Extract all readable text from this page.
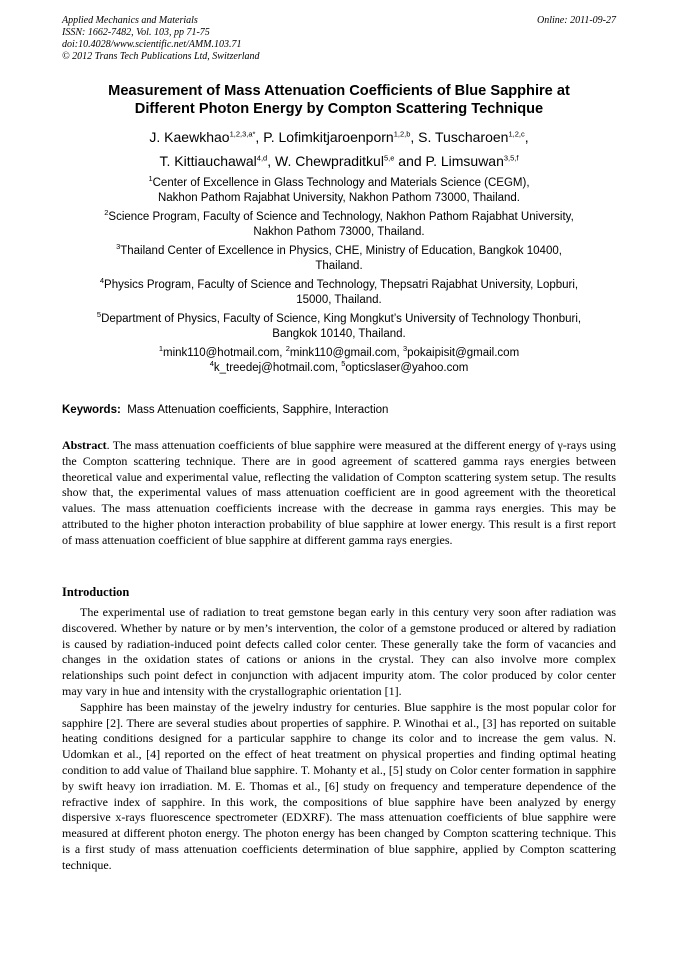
Applied Mechanics and Materials
ISSN: 1662-7482, Vol. 103, pp 71-75
doi:10.4028/www.scientific.net/AMM.103.71
© 2012 Trans Tech Publications Ltd, Switzerland
Online: 2011-09-27
Measurement of Mass Attenuation Coefficients of Blue Sapphire at
Different Photon Energy by Compton Scattering Technique
J. Kaewkhao$^{1,2,3,a*}$, P. Lofimkitjaroenporn$^{1,2,b}$, S. Tuscharoen$^{1,2,c}$,
T. Kittiauchawal$^{4,d}$, W. Chewpraditkul$^{5,e}$ and P. Limsuwan$^{3,5,f}$
$^1$Center of Excellence in Glass Technology and Materials Science (CEGM),
Nakhon Pathom Rajabhat University, Nakhon Pathom 73000, Thailand.
$^2$Science Program, Faculty of Science and Technology, Nakhon Pathom Rajabhat University,
Nakhon Pathom 73000, Thailand.
$^3$Thailand Center of Excellence in Physics, CHE, Ministry of Education, Bangkok 10400,
Thailand.
$^4$Physics Program, Faculty of Science and Technology, Thepsatri Rajabhat University, Lopburi,
15000, Thailand.
$^5$Department of Physics, Faculty of Science, King Mongkut’s University of Technology Thonburi,
Bangkok 10140, Thailand.
$^1$mink110@hotmail.com, $^2$mink110@gmail.com, $^3$pokaipisit@gmail.com
$^4$k_treedej@hotmail.com, $^5$opticslaser@yahoo.com
Keywords: Mass Attenuation coefficients, Sapphire, Interaction
Abstract. The mass attenuation coefficients of blue sapphire were measured at the different energy of γ-rays using the Compton scattering technique. There are in good agreement of scattered gamma rays energies between theoretical value and experimental value, reflecting the validation of Compton scattering system setup. The results show that, the experimental values of mass attenuation coefficient are in good agreement with the theoretical values. The mass attenuation coefficients increase with the decrease in gamma rays energies. This may be attributed to the higher photon interaction probability of blue sapphire at lower energy. This result is a first report of mass attenuation coefficient of blue sapphire at different gamma rays energies.
Introduction

The experimental use of radiation to treat gemstone began early in this century very soon after radiation was discovered. Whether by nature or by men’s intervention, the color of a gemstone produced or altered by radiation is caused by radiation-induced point defects called color center. These generally take the form of vacancies and changes in the oxidation states of cations or anions in the crystal. They can also involve more complex relationships such point defect in conjunction with adjacent impurity atom. The color produced by color center may vary in hue and intensity with the crystallographic orientation [1].

Sapphire has been mainstay of the jewelry industry for centuries. Blue sapphire is the most popular color for sapphire [2]. There are several studies about properties of sapphire. P. Winothai et al., [3] has reported on suitable heating conditions designed for a particular sapphire to change its color and to increase the gem valus. N. Udomkan et al., [4] reported on the effect of heat treatment on physical properties and finding optimal heating condition to add value of Thailand blue sapphire. T. Mohanty et al., [5] study on Color center formation in sapphire by swift heavy ion irradiation. M. E. Thomas et al., [6] study on frequency and temperature dependence of the refractive index of sapphire. In this work, the compositions of blue sapphire have been analyzed by energy dispersive x-rays fluorescence spectrometer (EDXRF). The mass attenuation coefficients of blue sapphire were measured at different photon energy. The photon energy has been changed by Compton scattering technique. This is a first study of mass attenuation coefficients determination of blue sapphire, applied by Compton scattering technique.
